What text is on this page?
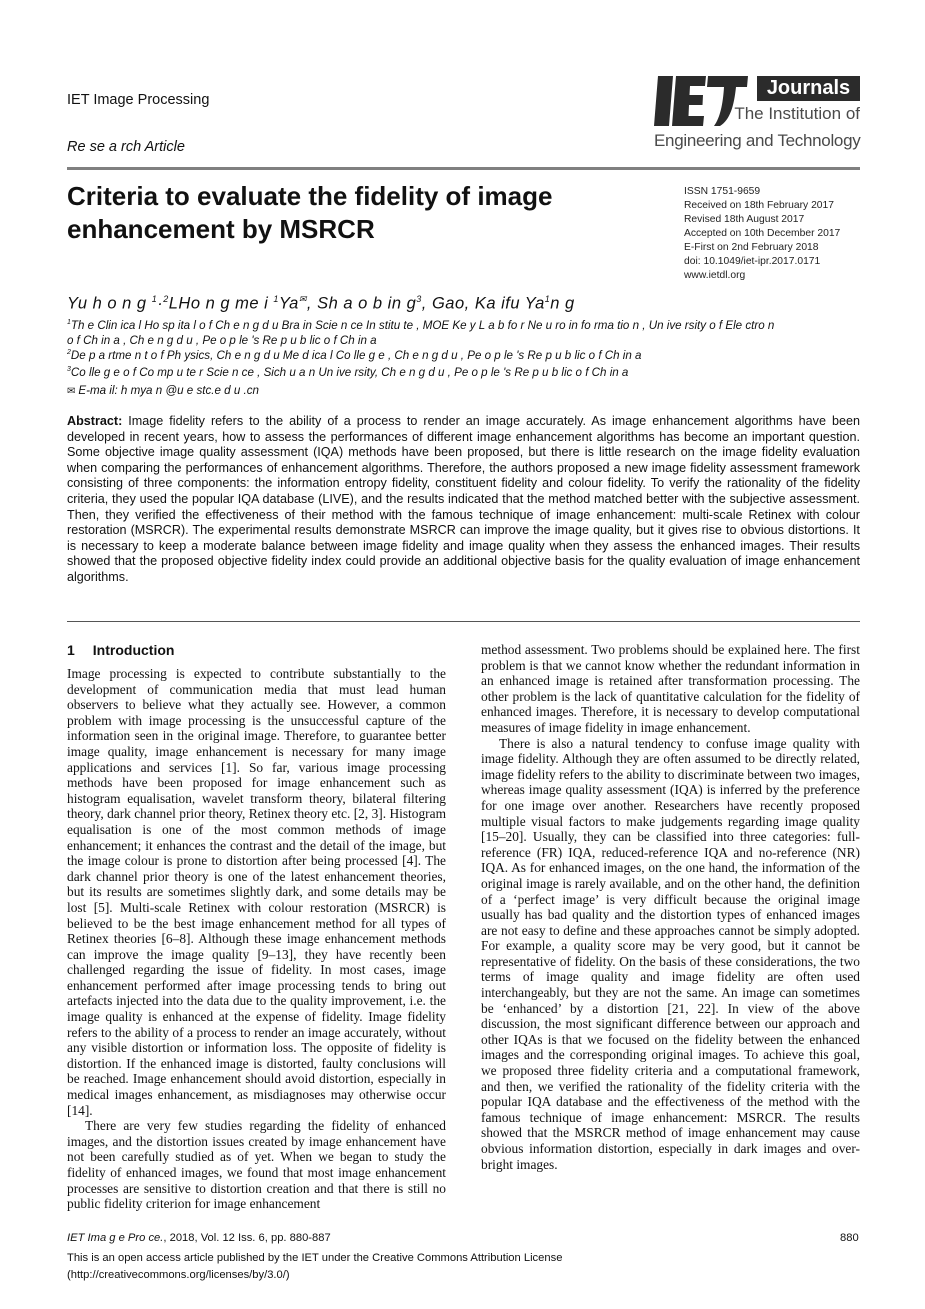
IET Image Processing
Re se a rch Article
Journals
The Institution of
Engineering and Technology
ISSN 1751-9659
Received on 18th February 2017
Revised 18th August 2017
Accepted on 10th December 2017
E-First on 2nd February 2018
doi: 10.1049/iet-ipr.2017.0171
www.ietdl.org
Criteria to evaluate the fidelity of image enhancement by MSRCR
Yu h o n g $^1$·$^2$LHo n g me i $^1$Ya✉, Sh a o b in $g^3$, Gao, Ka ifu Ya$^1$n g
$^1$Th e Clin ica l Ho sp ita l o f Ch e n g d u Bra in Scie n ce In stitu te , MOE Ke y L a b fo r Ne u ro in fo rma tio n , Un ive rsity o f Ele ctro n
o f Ch in a , Ch e n g d u , Pe o p le 's Re p u b lic o f Ch in a
$^2$De p a rtme n t o f Ph ysics, Ch e n g d u Me d ica l Co lle g e , Ch e n g d u , Pe o p le 's Re p u b lic o f Ch in a
$^3$Co lle g e o f Co mp u te r Scie n ce , Sich u a n Un ive rsity, Ch e n g d u , Pe o p le 's Re p u b lic o f Ch in a
✉ E-ma il: h mya n @u e stc.e d u .cn
Abstract: Image fidelity refers to the ability of a process to render an image accurately. As image enhancement algorithms have been developed in recent years, how to assess the performances of different image enhancement algorithms has become an important question. Some objective image quality assessment (IQA) methods have been proposed, but there is little research on the image fidelity evaluation when comparing the performances of enhancement algorithms. Therefore, the authors proposed a new image fidelity assessment framework consisting of three components: the information entropy fidelity, constituent fidelity and colour fidelity. To verify the rationality of the fidelity criteria, they used the popular IQA database (LIVE), and the results indicated that the method matched better with the subjective assessment. Then, they verified the effectiveness of their method with the famous technique of image enhancement: multi-scale Retinex with colour restoration (MSRCR). The experimental results demonstrate MSRCR can improve the image quality, but it gives rise to obvious distortions. It is necessary to keep a moderate balance between image fidelity and image quality when they assess the enhanced images. Their results showed that the proposed objective fidelity index could provide an additional objective basis for the quality evaluation of image enhancement algorithms.
1 Introduction

Image processing is expected to contribute substantially to the development of communication media that must lead human observers to believe what they actually see. However, a common problem with image processing is the unsuccessful capture of the information seen in the original image. Therefore, to guarantee better image quality, image enhancement is necessary for many image applications and services [1]. So far, various image processing methods have been proposed for image enhancement such as histogram equalisation, wavelet transform theory, bilateral filtering theory, dark channel prior theory, Retinex theory etc. [2, 3]. Histogram equalisation is one of the most common methods of image enhancement; it enhances the contrast and the detail of the image, but the image colour is prone to distortion after being processed [4]. The dark channel prior theory is one of the latest enhancement theories, but its results are sometimes slightly dark, and some details may be lost [5]. Multi-scale Retinex with colour restoration (MSRCR) is believed to be the best image enhancement method for all types of Retinex theories [6–8]. Although these image enhancement methods can improve the image quality [9–13], they have recently been challenged regarding the issue of fidelity. In most cases, image enhancement performed after image processing tends to bring out artefacts injected into the data due to the quality improvement, i.e. the image quality is enhanced at the expense of fidelity. Image fidelity refers to the ability of a process to render an image accurately, without any visible distortion or information loss. The opposite of fidelity is distortion. If the enhanced image is distorted, faulty conclusions will be reached. Image enhancement should avoid distortion, especially in medical images enhancement, as misdiagnoses may otherwise occur [14].

There are very few studies regarding the fidelity of enhanced images, and the distortion issues created by image enhancement have not been carefully studied as of yet. When we began to study the fidelity of enhanced images, we found that most image enhancement processes are sensitive to distortion creation and that there is still no public fidelity criterion for image enhancement

method assessment. Two problems should be explained here. The first problem is that we cannot know whether the redundant information in an enhanced image is retained after transformation processing. The other problem is the lack of quantitative calculation for the fidelity of enhanced images. Therefore, it is necessary to develop computational measures of image fidelity in image enhancement.

There is also a natural tendency to confuse image quality with image fidelity. Although they are often assumed to be directly related, image fidelity refers to the ability to discriminate between two images, whereas image quality assessment (IQA) is inferred by the preference for one image over another. Researchers have recently proposed multiple visual factors to make judgements regarding image quality [15–20]. Usually, they can be classified into three categories: full-reference (FR) IQA, reduced-reference IQA and no-reference (NR) IQA. As for enhanced images, on the one hand, the information of the original image is rarely available, and on the other hand, the definition of a ‘perfect image’ is very difficult because the original image usually has bad quality and the distortion types of enhanced images are not easy to define and these approaches cannot be simply adopted. For example, a quality score may be very good, but it cannot be representative of fidelity. On the basis of these considerations, the two terms of image quality and image fidelity are often used interchangeably, but they are not the same. An image can sometimes be ‘enhanced’ by a distortion [21, 22]. In view of the above discussion, the most significant difference between our approach and other IQAs is that we focused on the fidelity between the enhanced images and the corresponding original images. To achieve this goal, we proposed three fidelity criteria and a computational framework, and then, we verified the rationality of the fidelity criteria with the popular IQA database and the effectiveness of the method with the famous technique of image enhancement: MSRCR. The results showed that the MSRCR method of image enhancement may cause obvious information distortion, especially in dark images and over-bright images.

IET Ima g e Pro ce., 2018, Vol. 12 Iss. 6, pp. 880-887	880
This is an open access article published by the IET under the Creative Commons Attribution License
(http://creativecommons.org/licenses/by/3.0/)
